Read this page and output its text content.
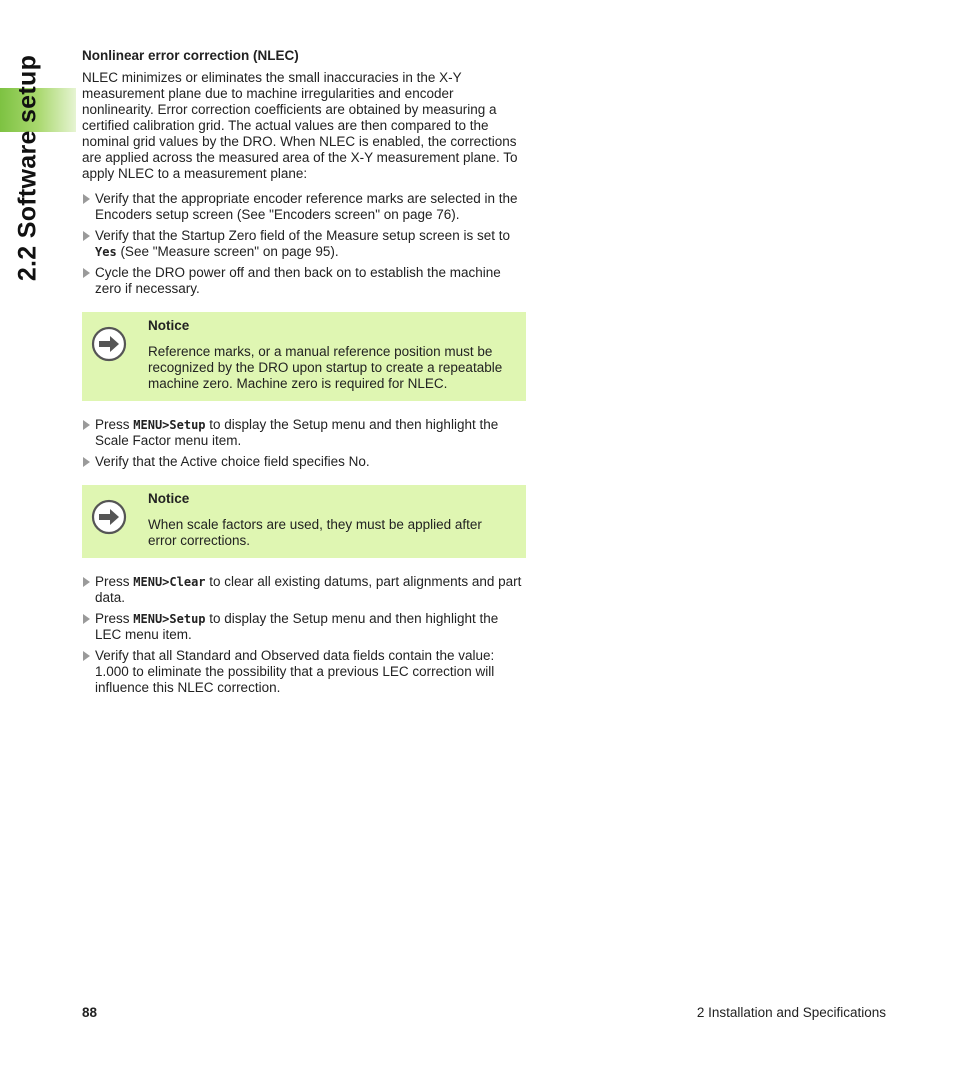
2.2 Software setup	Nonlinear error correction (NLEC)
NLEC minimizes or eliminates the small inaccuracies in the X-Y measurement plane due to machine irregularities and encoder nonlinearity. Error correction coefficients are obtained by measuring a certified calibration grid. The actual values are then compared to the nominal grid values by the DRO. When NLEC is enabled, the corrections are applied across the measured area of the X-Y measurement plane. To apply NLEC to a measurement plane:
Verify that the appropriate encoder reference marks are selected in the Encoders setup screen (See "Encoders screen" on page 76).
Verify that the Startup Zero field of the Measure setup screen is set to Yes (See "Measure screen" on page 95).
Cycle the DRO power off and then back on to establish the machine zero if necessary.
Notice
Reference marks, or a manual reference position must be recognized by the DRO upon startup to create a repeatable machine zero. Machine zero is required for NLEC.
Press MENU>Setup to display the Setup menu and then highlight the Scale Factor menu item.
Verify that the Active choice field specifies No.
Notice
When scale factors are used, they must be applied after error corrections.
Press MENU>Clear to clear all existing datums, part alignments and part data.
Press MENU>Setup to display the Setup menu and then highlight the LEC menu item.
Verify that all Standard and Observed data fields contain the value: 1.000 to eliminate the possibility that a previous LEC correction will influence this NLEC correction.
88	2 Installation and Specifications
